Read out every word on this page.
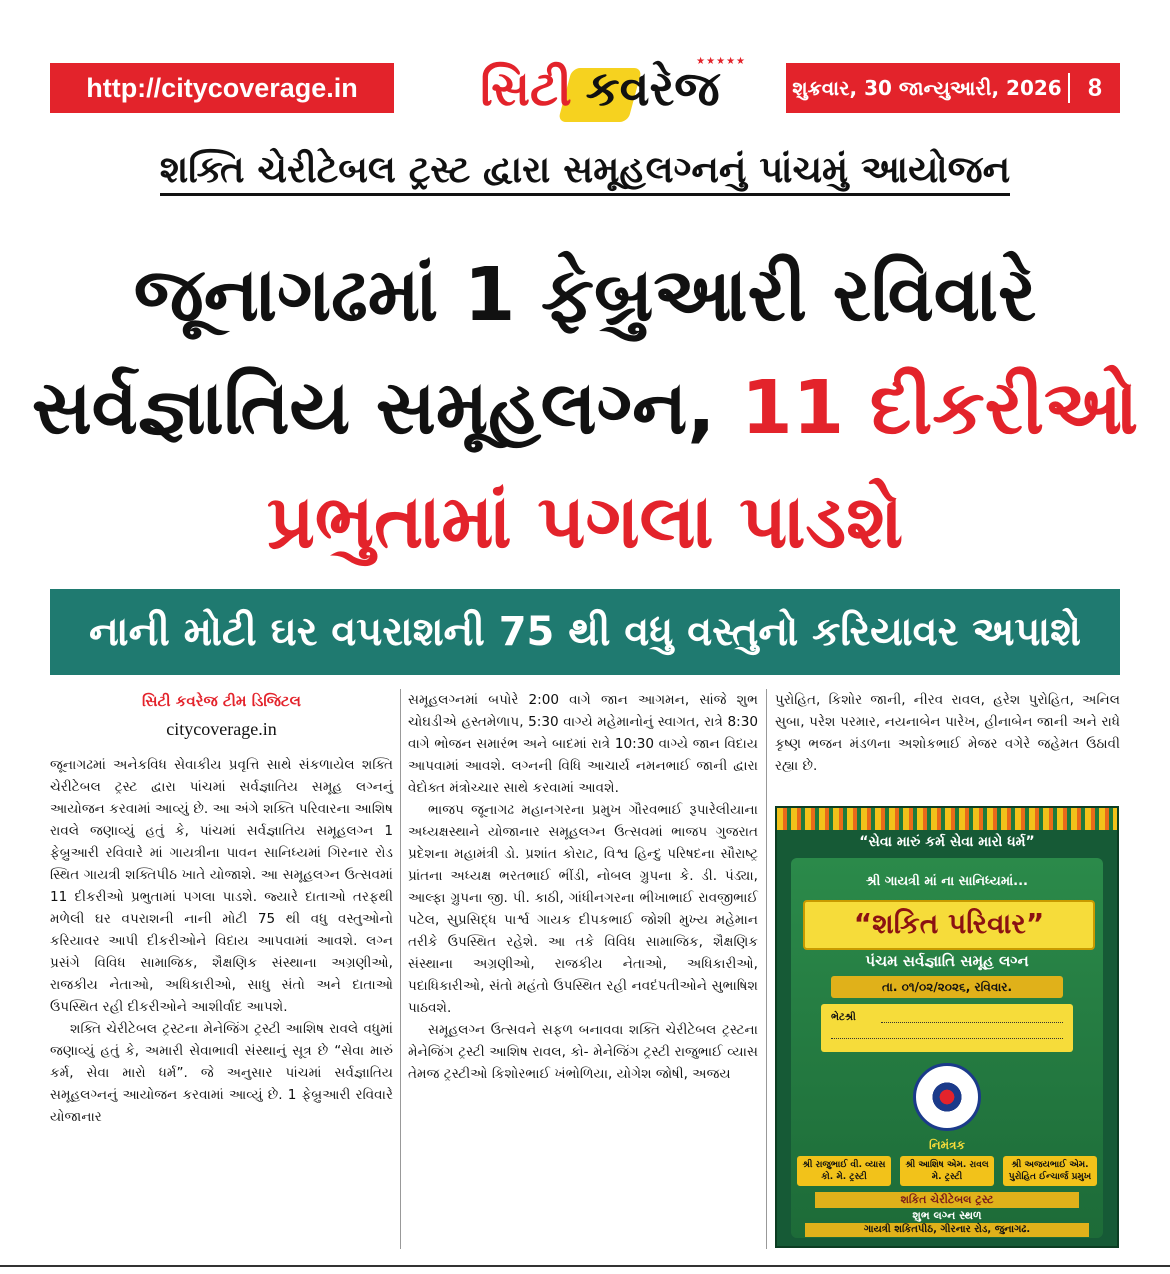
http://citycoverage.in	સિટી કવરેજ
★★★★★
શુક્રવાર, 30 જાન્યુઆરી, 2026	8
શક્તિ ચેરીટેબલ ટ્રસ્ટ દ્વારા સમૂહલગ્નનું પાંચમું આયોજન
જૂનાગઢમાં 1 ફેબ્રુઆરી રવિવારે
સર્વજ્ઞાતિય સમૂહલગ્ન, 11 દીકરીઓ
પ્રભુતામાં પગલા પાડશે
નાની મોટી ઘર વપરાશની 75 થી વધુ વસ્તુનો કરિયાવર અપાશે
સિટી કવરેજ ટીમ ડિજિટલ
citycoverage.in

જૂનાગઢમાં અનેકવિધ સેવાકીય પ્રવૃત્તિ સાથે સંકળાયેલ શક્તિ ચેરીટેબલ ટ્રસ્ટ દ્વારા પાંચમાં સર્વજ્ઞાતિય સમૂહ લગ્નનું આયોજન કરવામાં આવ્યું છે. આ અંગે શક્તિ પરિવારના આશિષ રાવલે જણાવ્યું હતું કે, પાંચમાં સર્વજ્ઞાતિય સમૂહલગ્ન 1 ફેબ્રુઆરી રવિવારે માં ગાયત્રીના પાવન સાનિધ્યમાં ગિરનાર રોડ સ્થિત ગાયત્રી શક્તિપીઠ ખાતે યોજાશે. આ સમૂહલગ્ન ઉત્સવમાં 11 દીકરીઓ પ્રભુતામાં પગલા પાડશે. જ્યારે દાતાઓ તરફથી મળેલી ઘર વપરાશની નાની મોટી 75 થી વધુ વસ્તુઓનો કરિયાવર આપી દીકરીઓને વિદાય આપવામાં આવશે. લગ્ન પ્રસંગે વિવિધ સામાજિક, શૈક્ષણિક સંસ્થાના અગ્રણીઓ, રાજકીય નેતાઓ, અધિકારીઓ, સાધુ સંતો અને દાતાઓ ઉપસ્થિત રહી દીકરીઓને આશીર્વાદ આપશે.

શક્તિ ચેરીટેબલ ટ્રસ્ટના મેનેજિંગ ટ્રસ્ટી આશિષ રાવલે વધુમાં જણાવ્યું હતું કે, અમારી સેવાભાવી સંસ્થાનું સૂત્ર છે “સેવા મારું કર્મ, સેવા મારો ધર્મ”. જે અનુસાર પાંચમાં સર્વજ્ઞાતિય સમૂહલગ્નનું આયોજન કરવામાં આવ્યું છે. 1 ફેબ્રુઆરી રવિવારે યોજાનાર

સમૂહલગ્નમાં બપોરે 2:00 વાગે જાન આગમન, સાંજે શુભ ચોઘડીએ હસ્તમેળાપ, 5:30 વાગ્યે મહેમાનોનું સ્વાગત, રાત્રે 8:30 વાગે ભોજન સમારંભ અને બાદમાં રાત્રે 10:30 વાગ્યે જાન વિદાય આપવામાં આવશે. લગ્નની વિધિ આચાર્ય નમનભાઈ જાની દ્વારા વેદોક્ત મંત્રોચ્ચાર સાથે કરવામાં આવશે.

ભાજપ જૂનાગઢ મહાનગરના પ્રમુખ ગૌરવભાઈ રૂપારેલીયાના અધ્યક્ષસ્થાને યોજાનાર સમૂહલગ્ન ઉત્સવમાં ભાજપ ગુજરાત પ્રદેશના મહામંત્રી ડો. પ્રશાંત કોરાટ, વિશ્વ હિન્દુ પરિષદના સૌરાષ્ટ્ર પ્રાંતના અધ્યક્ષ ભરતભાઈ ભીંડી, નોબલ ગ્રુપના કે. ડી. પંડ્યા, આલ્ફા ગ્રુપના જી. પી. કાઠી, ગાંધીનગરના ભીખાભાઈ રાવજીભાઈ પટેલ, સુપ્રસિદ્ધ પાર્શ્વ ગાયક દીપકભાઈ જોશી મુખ્ય મહેમાન તરીકે ઉપસ્થિત રહેશે. આ તકે વિવિધ સામાજિક, શૈક્ષણિક સંસ્થાના અગ્રણીઓ, રાજકીય નેતાઓ, અધિકારીઓ, પદાધિકારીઓ, સંતો મહંતો ઉપસ્થિત રહી નવદંપતીઓને સુભાષિશ પાઠવશે.

સમૂહલગ્ન ઉત્સવને સફળ બનાવવા શક્તિ ચેરીટેબલ ટ્રસ્ટના મેનેજિંગ ટ્રસ્ટી આશિષ રાવલ, કો- મેનેજિંગ ટ્રસ્ટી રાજુભાઈ વ્યાસ તેમજ ટ્રસ્ટીઓ કિશોરભાઈ ખંભોળિયા, યોગેશ જોષી, અજય

પુરોહિત, કિશોર જાની, નીરવ રાવલ, હરેશ પુરોહિત, અનિલ સુબા, પરેશ પરમાર, નયનાબેન પારેખ, હીનાબેન જાની અને રાધે કૃષ્ણ ભજન મંડળના અશોકભાઈ મેજર વગેરે જહેમત ઉઠાવી રહ્યા છે.

“સેવા મારું કર્મ સેવા મારો ધર્મ”
શ્રી ગાયત્રી માં ના સાનિધ્યમાં...
“શકિત પરિવાર”
પંચમ સર્વજ્ઞાતિ સમૂહ લગ્ન
તા. ૦૧/૦૨/૨૦૨૬, રવિવાર.
ભેટશ્રી
નિમંત્રક
શ્રી રાજુભાઈ વી. વ્યાસ કો. મે. ટ્રસ્ટી
શ્રી આશિષ એમ. રાવલ મે. ટ્રસ્ટી
શ્રી અજયભાઈ એમ. પુરોહિત ઈન્ચાર્જ પ્રમુખ
શકિત ચેરીટેબલ ટ્રસ્ટ
શુભ લગ્ન સ્થળ
ગાયત્રી શકિતપીઠ, ગીરનાર રોડ, જુનાગઢ.
